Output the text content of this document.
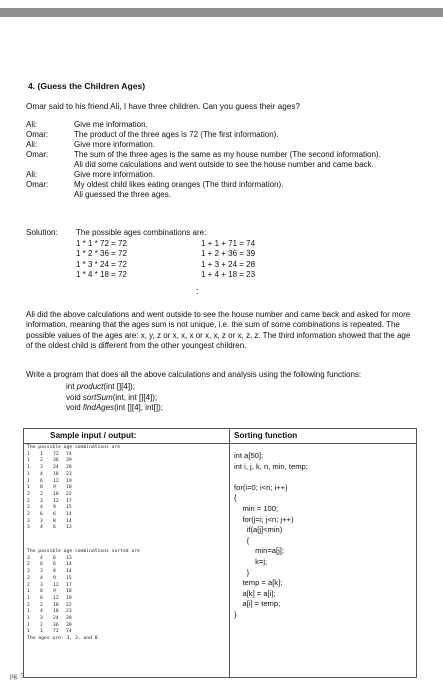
4. (Guess the Children Ages)
Omar said to his friend Ali, I have three children. Can you guess their ages?
Ali:	Give me information.
Omar:	The product of the three ages is 72 (The first information).
Ali:	Give more information.
Omar:	The sum of the three ages is the same as my house number (The second information).
Ali did some calculations and went outside to see the house number and came back.
Ali:	Give more information.
Omar:	My oldest child likes eating oranges (The third information).
Ali guessed the three ages.
Solution: The possible ages combinations are:
1 * 1 * 72 = 72	1 + 1 + 71 = 74
1 * 2 * 36 = 72	1 + 2 + 36 = 39
1 * 3 * 24 = 72	1 + 3 + 24 = 28
1 * 4 * 18 = 72	1 + 4 + 18 = 23
:
Ali did the above calculations and went outside to see the house number and came back and asked for more information, meaning that the ages sum is not unique, i.e. the sum of some combinations is repeated. The possible values of the ages are: x, y, z or x, x, x or x, x, z or x, z, z. The third information showed that the age of the oldest child is different from the other youngest children.
Write a program that does all the above calculations and analysis using the following functions:
int product(int [][4]);
void sortSum(int, int [][4]);
void findAges(int [][4], int[]);
Sample input / output:	Sorting function
The possible age combinations are
1	1	72	74
1	2	36	39
1	3	24	28
1	4	18	23
1	6	12	19
1	8	9	18
2	2	18	22
2	3	12	17
2	4	9	15
2	6	6	14
3	3	8	14
3	4	6	13
The possible age combinations sorted are
3	4	6	13
2	6	6	14
3	3	8	14
2	4	9	15
2	3	12	17
1	8	9	18
1	6	12	19
2	2	18	22
1	4	18	23
1	3	24	28
1	2	36	39
1	1	72	74
The ages are: 3, 3, and 8
int a[50];
int i, j, k, n, min, temp;
for(i=0; i<n; i++)
{
min = 100;
for(j=i; j<n; j++)
if(a[j]<min)
{
min=a[j];
k=j;
}
temp = a[k];
a[k] = a[i];
a[i] = temp;
}
pg. 5
